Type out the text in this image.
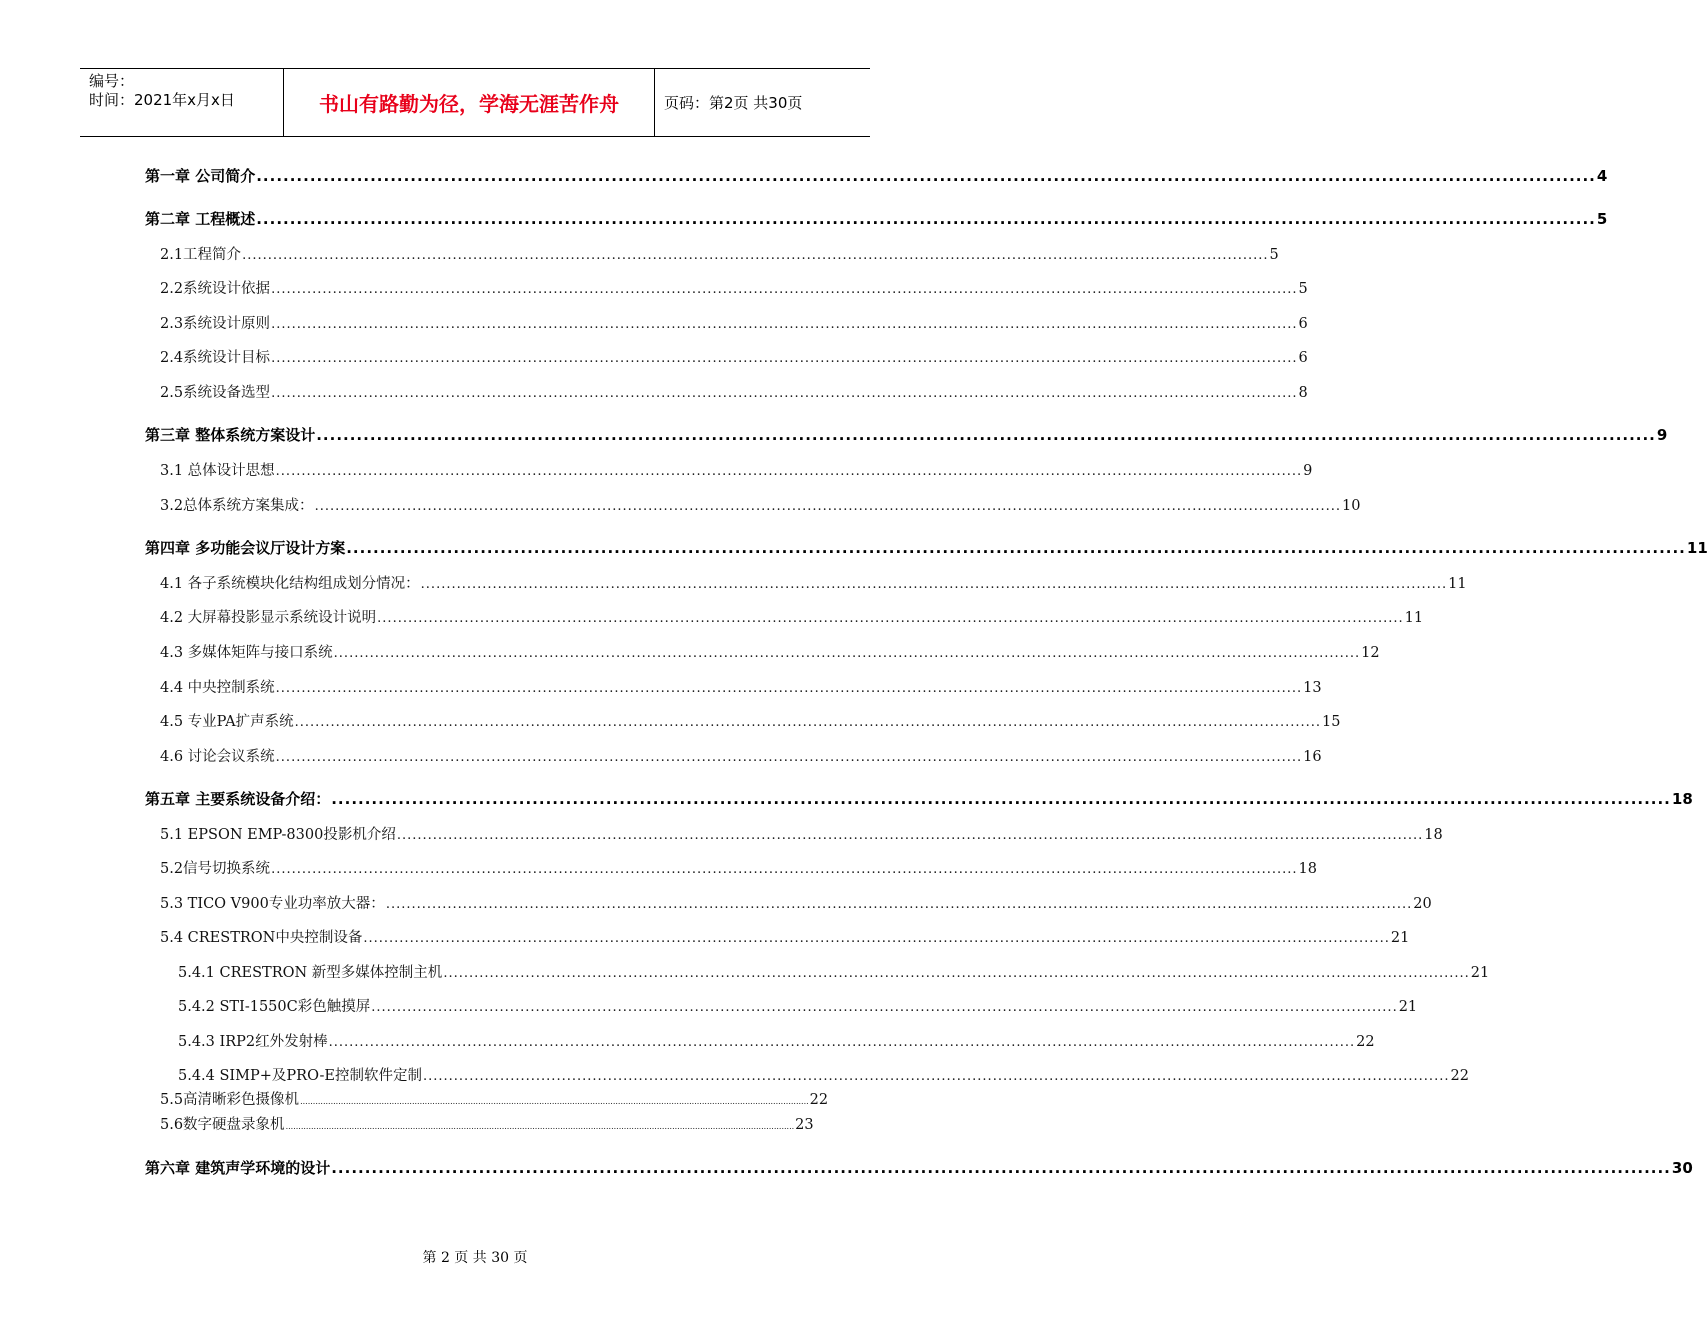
编号：
时间：2021年x月x日	书山有路勤为径，学海无涯苦作舟	页码：第2页 共30页
第一章 公司简介 ........................................................................................................................................................................................................ 4
第二章 工程概述 ........................................................................................................................................................................................................ 5
2.1工程简介 ........................................................................................................................................................................................................ 5
2.2系统设计依据 ........................................................................................................................................................................................................ 5
2.3系统设计原则 ........................................................................................................................................................................................................ 6
2.4系统设计目标 ........................................................................................................................................................................................................ 6
2.5系统设备选型 ........................................................................................................................................................................................................ 8
第三章 整体系统方案设计 ........................................................................................................................................................................................................ 9
3.1 总体设计思想 ........................................................................................................................................................................................................ 9
3.2总体系统方案集成： ........................................................................................................................................................................................................ 10
第四章 多功能会议厅设计方案 ........................................................................................................................................................................................................ 11
4.1 各子系统模块化结构组成划分情况： ........................................................................................................................................................................................................ 11
4.2 大屏幕投影显示系统设计说明 ........................................................................................................................................................................................................ 11
4.3 多媒体矩阵与接口系统 ........................................................................................................................................................................................................ 12
4.4 中央控制系统 ........................................................................................................................................................................................................ 13
4.5 专业PA扩声系统 ........................................................................................................................................................................................................ 15
4.6 讨论会议系统 ........................................................................................................................................................................................................ 16
第五章 主要系统设备介绍： ........................................................................................................................................................................................................ 18
5.1 EPSON EMP-8300投影机介绍 ........................................................................................................................................................................................................ 18
5.2信号切换系统 ........................................................................................................................................................................................................ 18
5.3 TICO V900专业功率放大器： ........................................................................................................................................................................................................ 20
5.4 CRESTRON中央控制设备 ........................................................................................................................................................................................................ 21
5.4.1 CRESTRON 新型多媒体控制主机 ........................................................................................................................................................................................................ 21
5.4.2 STI-1550C彩色触摸屏 ........................................................................................................................................................................................................ 21
5.4.3 IRP2红外发射棒 ........................................................................................................................................................................................................ 22
5.4.4 SIMP+及PRO-E控制软件定制 ........................................................................................................................................................................................................ 22
5.5高清晰彩色摄像机 ........................................................................................................................................................................................................ 22
5.6数字硬盘录象机 ........................................................................................................................................................................................................ 23
第六章 建筑声学环境的设计 ........................................................................................................................................................................................................ 30
第 2 页 共 30 页
